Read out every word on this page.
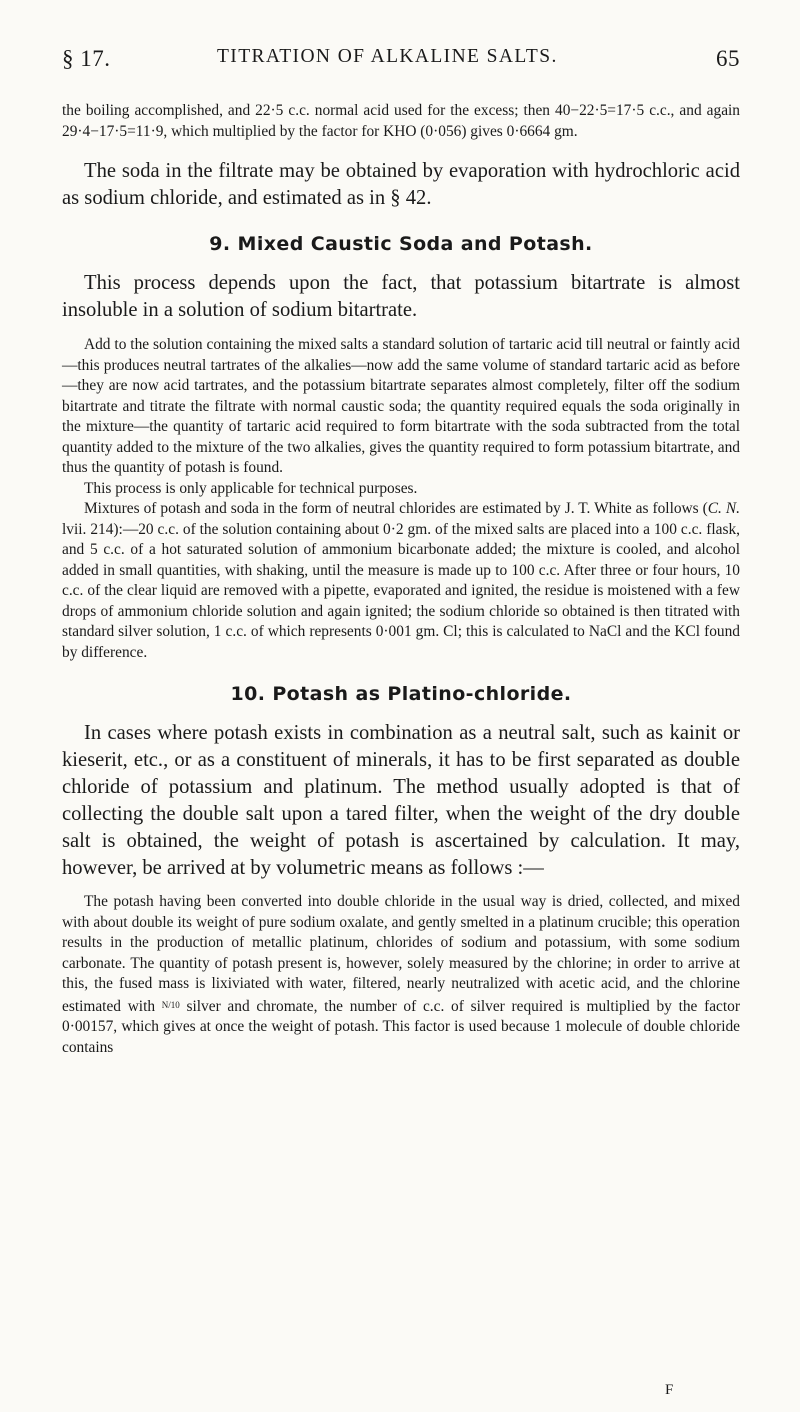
§ 17.	TITRATION OF ALKALINE SALTS.	65

the boiling accomplished, and 22·5 c.c. normal acid used for the excess; then 40−22·5=17·5 c.c., and again 29·4−17·5=11·9, which multiplied by the factor for KHO (0·056) gives 0·6664 gm.

The soda in the filtrate may be obtained by evaporation with hydrochloric acid as sodium chloride, and estimated as in § 42.

9. Mixed Caustic Soda and Potash.

This process depends upon the fact, that potassium bitartrate is almost insoluble in a solution of sodium bitartrate.

Add to the solution containing the mixed salts a standard solution of tartaric acid till neutral or faintly acid—this produces neutral tartrates of the alkalies—now add the same volume of standard tartaric acid as before —they are now acid tartrates, and the potassium bitartrate separates almost completely, filter off the sodium bitartrate and titrate the filtrate with normal caustic soda; the quantity required equals the soda originally in the mixture—the quantity of tartaric acid required to form bitartrate with the soda subtracted from the total quantity added to the mixture of the two alkalies, gives the quantity required to form potassium bitartrate, and thus the quantity of potash is found.

This process is only applicable for technical purposes.

Mixtures of potash and soda in the form of neutral chlorides are estimated by J. T. White as follows (C. N. lvii. 214):—20 c.c. of the solution containing about 0·2 gm. of the mixed salts are placed into a 100 c.c. flask, and 5 c.c. of a hot saturated solution of ammonium bicarbonate added; the mixture is cooled, and alcohol added in small quantities, with shaking, until the measure is made up to 100 c.c. After three or four hours, 10 c.c. of the clear liquid are removed with a pipette, evaporated and ignited, the residue is moistened with a few drops of ammonium chloride solution and again ignited; the sodium chloride so obtained is then titrated with standard silver solution, 1 c.c. of which represents 0·001 gm. Cl; this is calculated to NaCl and the KCl found by difference.

10. Potash as Platino-chloride.

In cases where potash exists in combination as a neutral salt, such as kainit or kieserit, etc., or as a constituent of minerals, it has to be first separated as double chloride of potassium and platinum. The method usually adopted is that of collecting the double salt upon a tared filter, when the weight of the dry double salt is obtained, the weight of potash is ascertained by calculation. It may, however, be arrived at by volumetric means as follows :—

The potash having been converted into double chloride in the usual way is dried, collected, and mixed with about double its weight of pure sodium oxalate, and gently smelted in a platinum crucible; this operation results in the production of metallic platinum, chlorides of sodium and potassium, with some sodium carbonate. The quantity of potash present is, however, solely measured by the chlorine; in order to arrive at this, the fused mass is lixiviated with water, filtered, nearly neutralized with acetic acid, and the chlorine estimated with N/10 silver and chromate, the number of c.c. of silver required is multiplied by the factor 0·00157, which gives at once the weight of potash. This factor is used because 1 molecule of double chloride contains

F
